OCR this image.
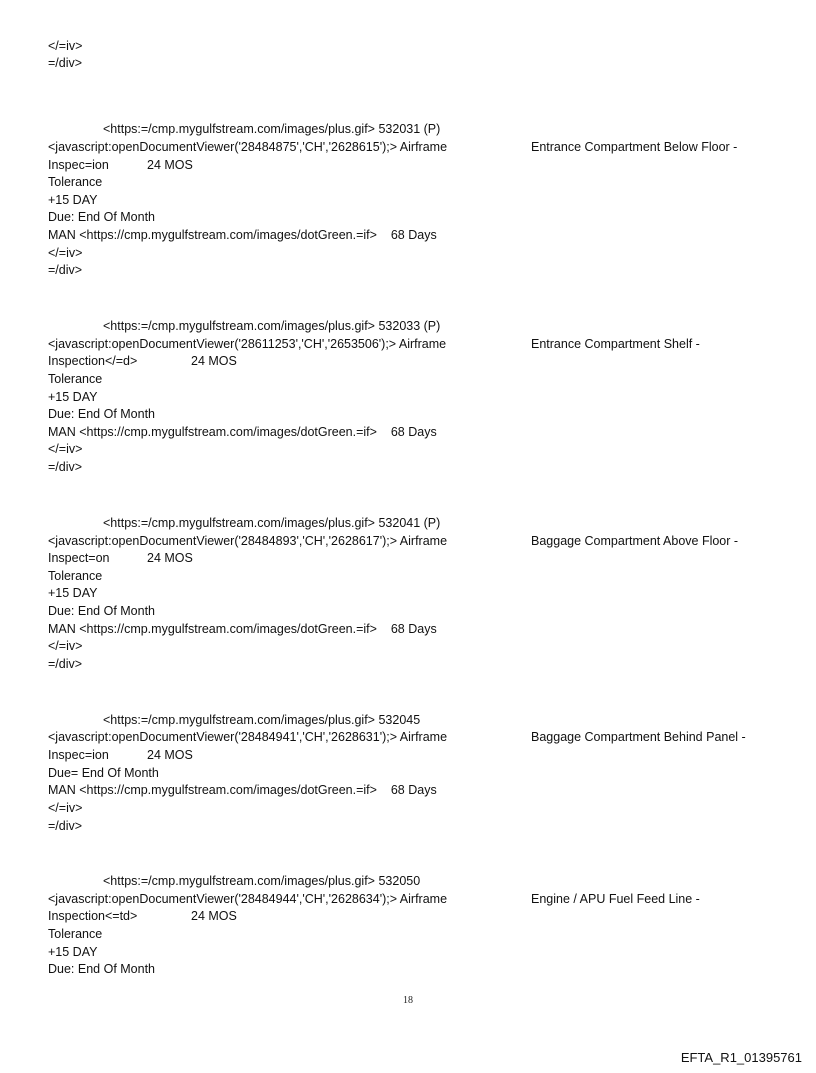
</=iv>
=/div>
<https:=/cmp.mygulfstream.com/images/plus.gif> 532031 (P)
<javascript:openDocumentViewer('28484875','CH','2628615');> Airframe	Entrance Compartment Below Floor -
Inspec=ion	24 MOS
Tolerance
+15 DAY
Due: End Of Month
MAN <https://cmp.mygulfstream.com/images/dotGreen.=if>    68 Days
</=iv>
=/div>
<https:=/cmp.mygulfstream.com/images/plus.gif> 532033 (P)
<javascript:openDocumentViewer('28611253','CH','2653506');> Airframe	Entrance Compartment Shelf -
Inspection</=d>	24 MOS
Tolerance
+15 DAY
Due: End Of Month
MAN <https://cmp.mygulfstream.com/images/dotGreen.=if>    68 Days
</=iv>
=/div>
<https:=/cmp.mygulfstream.com/images/plus.gif> 532041 (P)
<javascript:openDocumentViewer('28484893','CH','2628617');> Airframe	Baggage Compartment Above Floor -
Inspect=on	24 MOS
Tolerance
+15 DAY
Due: End Of Month
MAN <https://cmp.mygulfstream.com/images/dotGreen.=if>    68 Days
</=iv>
=/div>
<https:=/cmp.mygulfstream.com/images/plus.gif> 532045
<javascript:openDocumentViewer('28484941','CH','2628631');> Airframe	Baggage Compartment Behind Panel -
Inspec=ion	24 MOS
Due= End Of Month
MAN <https://cmp.mygulfstream.com/images/dotGreen.=if>    68 Days
</=iv>
=/div>
<https:=/cmp.mygulfstream.com/images/plus.gif> 532050
<javascript:openDocumentViewer('28484944','CH','2628634');> Airframe	Engine / APU Fuel Feed Line -
Inspection<=td>	24 MOS
Tolerance
+15 DAY
Due: End Of Month
18
EFTA_R1_01395761
